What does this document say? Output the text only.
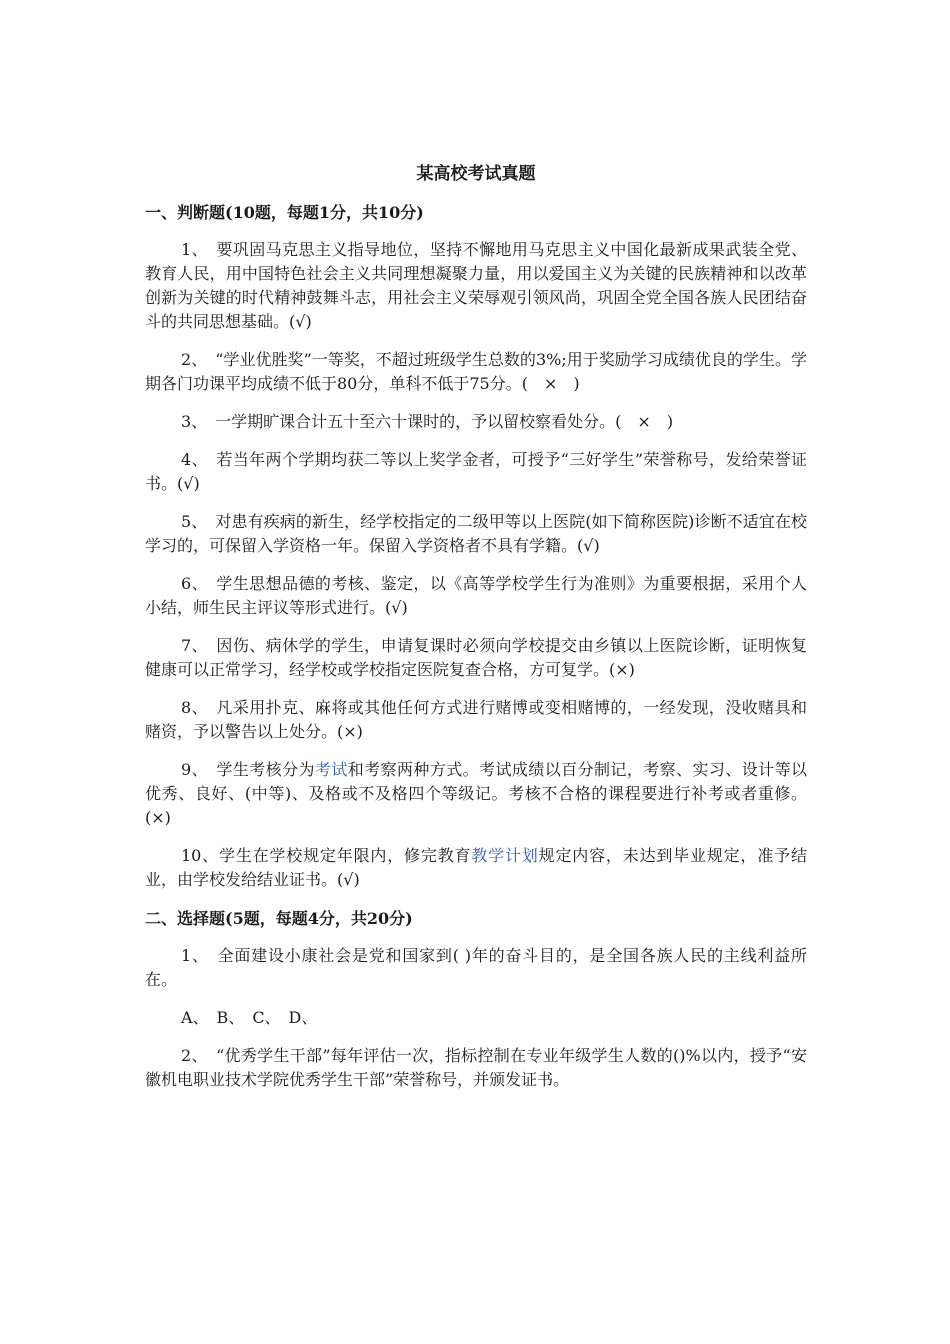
某高校考试真题
一、判断题(10题，每题1分，共10分)

1、　要巩固马克思主义指导地位，坚持不懈地用马克思主义中国化最新成果武装全党、教育人民，用中国特色社会主义共同理想凝聚力量，用以爱国主义为关键的民族精神和以改革创新为关键的时代精神鼓舞斗志，用社会主义荣辱观引领风尚，巩固全党全国各族人民团结奋斗的共同思想基础。(√)

2、　“学业优胜奖”一等奖，不超过班级学生总数的3%;用于奖励学习成绩优良的学生。学期各门功课平均成绩不低于80分，单科不低于75分。(　×　)

3、　一学期旷课合计五十至六十课时的，予以留校察看处分。(　×　)

4、　若当年两个学期均获二等以上奖学金者，可授予“三好学生”荣誉称号，发给荣誉证书。(√)

5、　对患有疾病的新生，经学校指定的二级甲等以上医院(如下简称医院)诊断不适宜在校学习的，可保留入学资格一年。保留入学资格者不具有学籍。(√)

6、　学生思想品德的考核、鉴定，以《高等学校学生行为准则》为重要根据，采用个人小结，师生民主评议等形式进行。(√)

7、　因伤、病休学的学生，申请复课时必须向学校提交由乡镇以上医院诊断，证明恢复健康可以正常学习，经学校或学校指定医院复查合格，方可复学。(×)

8、　凡采用扑克、麻将或其他任何方式进行赌博或变相赌博的，一经发现，没收赌具和赌资，予以警告以上处分。(×)

9、　学生考核分为考试和考察两种方式。考试成绩以百分制记，考察、实习、设计等以优秀、良好、(中等)、及格或不及格四个等级记。考核不合格的课程要进行补考或者重修。(×)

10、学生在学校规定年限内，修完教育教学计划规定内容，未达到毕业规定，准予结业，由学校发给结业证书。(√)

二、选择题(5题，每题4分，共20分)

1、　全面建设小康社会是党和国家到( )年的奋斗目的，是全国各族人民的主线利益所在。

A、　B、　C、　D、

2、　“优秀学生干部”每年评估一次，指标控制在专业年级学生人数的()%以内，授予“安徽机电职业技术学院优秀学生干部”荣誉称号，并颁发证书。
